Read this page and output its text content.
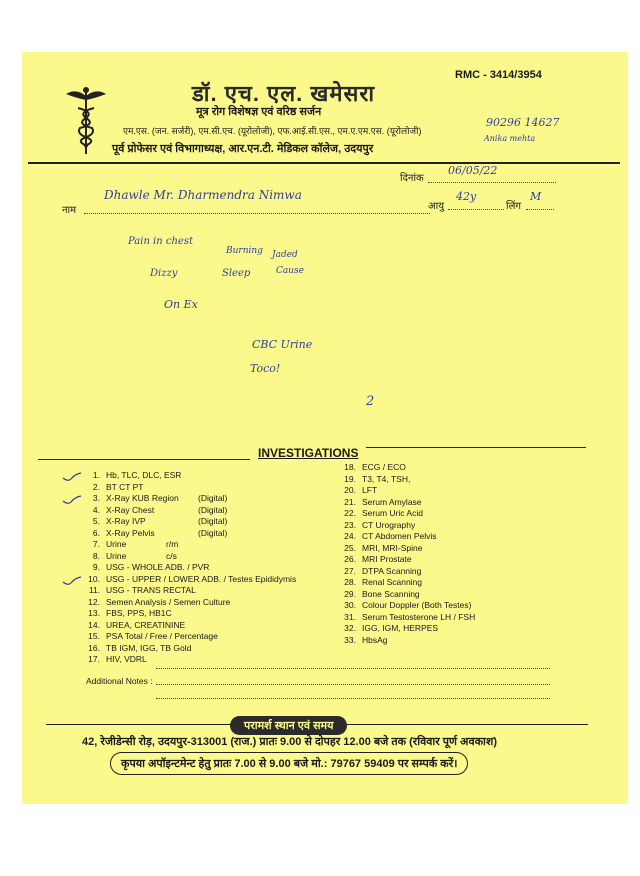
डॉ. एच. एल. खमेसरा
RMC - 3414/3954
मूत्र रोग विशेषज्ञ एवं वरिष्ठ सर्जन
एम.एस. (जन. सर्जरी), एम.सी.एच. (यूरोलोजी), एफ.आई.सी.एस., एम.ए.एम.एस. (यूरोलोजी)
90296 14627
पूर्व प्रोफेसर एवं विभागाध्यक्ष, आर.एन.टी. मेडिकल कॉलेज, उदयपुर
Anika mehta
दिनांक
06/05/22
नाम
Dhawle Mr. Dharmendra Nimwa
आयु
42y
लिंग
M
Pain in chest
Burning Jaded
Dizzy	Sleep	Cause
On Ex
CBC Urine
Toco!
2
INVESTIGATIONS
1. Hb, TLC, DLC, ESR
2. BT CT PT
3. X-Ray KUB Region (Digital)
4. X-Ray Chest	(Digital)
5. X-Ray IVP	(Digital)
6. X-Ray Pelvis	(Digital)
7. Urine	r/m
8. Urine	c/s
9. USG - WHOLE ADB. / PVR
10. USG - UPPER / LOWER ADB. / Testes Epididymis
11. USG - TRANS RECTAL
12. Semen Analysis / Semen Culture
13. FBS, PPS, HB1C
14. UREA, CREATININE
15. PSA Total / Free / Percentage
16. TB IGM, IGG, TB Gold
17. HIV, VDRL
18. ECG / ECO
19. T3, T4, TSH,
20. LFT
21. Serum Amylase
22. Serum Uric Acid
23. CT Urography
24. CT Abdomen Pelvis
25. MRI, MRI-Spine
26. MRI Prostate
27. DTPA Scanning
28. Renal Scanning
29. Bone Scanning
30. Colour Doppler (Both Testes)
31. Serum Testosterone LH / FSH
32. IGG, IGM, HERPES
33. HbsAg
Additional Notes :
परामर्श स्थान एवं समय
42, रेजीडेन्सी रोड़, उदयपुर-313001 (राज.) प्रातः 9.00 से दोपहर 12.00 बजे तक (रविवार पूर्ण अवकाश)
कृपया अपॉइन्टमेन्ट हेतु प्रातः 7.00 से 9.00 बजे मो.: 79767 59409 पर सम्पर्क करें।
